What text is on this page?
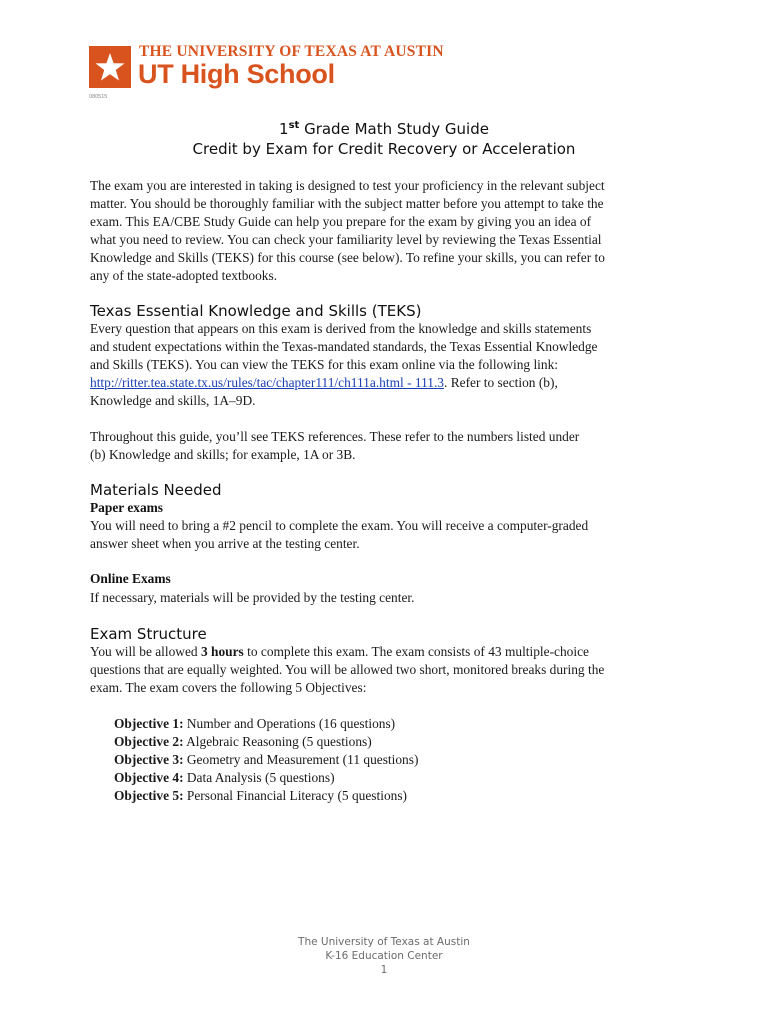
THE UNIVERSITY OF TEXAS AT AUSTIN
UT High School
080515
1st Grade Math Study Guide
Credit by Exam for Credit Recovery or Acceleration
The exam you are interested in taking is designed to test your proficiency in the relevant subject
matter. You should be thoroughly familiar with the subject matter before you attempt to take the
exam. This EA/CBE Study Guide can help you prepare for the exam by giving you an idea of
what you need to review. You can check your familiarity level by reviewing the Texas Essential
Knowledge and Skills (TEKS) for this course (see below). To refine your skills, you can refer to
any of the state-adopted textbooks.
Texas Essential Knowledge and Skills (TEKS)
Every question that appears on this exam is derived from the knowledge and skills statements
and student expectations within the Texas-mandated standards, the Texas Essential Knowledge
and Skills (TEKS). You can view the TEKS for this exam online via the following link:
http://ritter.tea.state.tx.us/rules/tac/chapter111/ch111a.html - 111.3. Refer to section (b),
Knowledge and skills, 1A–9D.
Throughout this guide, you’ll see TEKS references. These refer to the numbers listed under
(b) Knowledge and skills; for example, 1A or 3B.
Materials Needed
Paper exams
You will need to bring a #2 pencil to complete the exam. You will receive a computer-graded
answer sheet when you arrive at the testing center.
Online Exams
If necessary, materials will be provided by the testing center.
Exam Structure
You will be allowed 3 hours to complete this exam. The exam consists of 43 multiple-choice
questions that are equally weighted. You will be allowed two short, monitored breaks during the
exam. The exam covers the following 5 Objectives:
Objective 1: Number and Operations (16 questions)
Objective 2: Algebraic Reasoning (5 questions)
Objective 3: Geometry and Measurement (11 questions)
Objective 4: Data Analysis (5 questions)
Objective 5: Personal Financial Literacy (5 questions)
The University of Texas at Austin
K-16 Education Center
1
